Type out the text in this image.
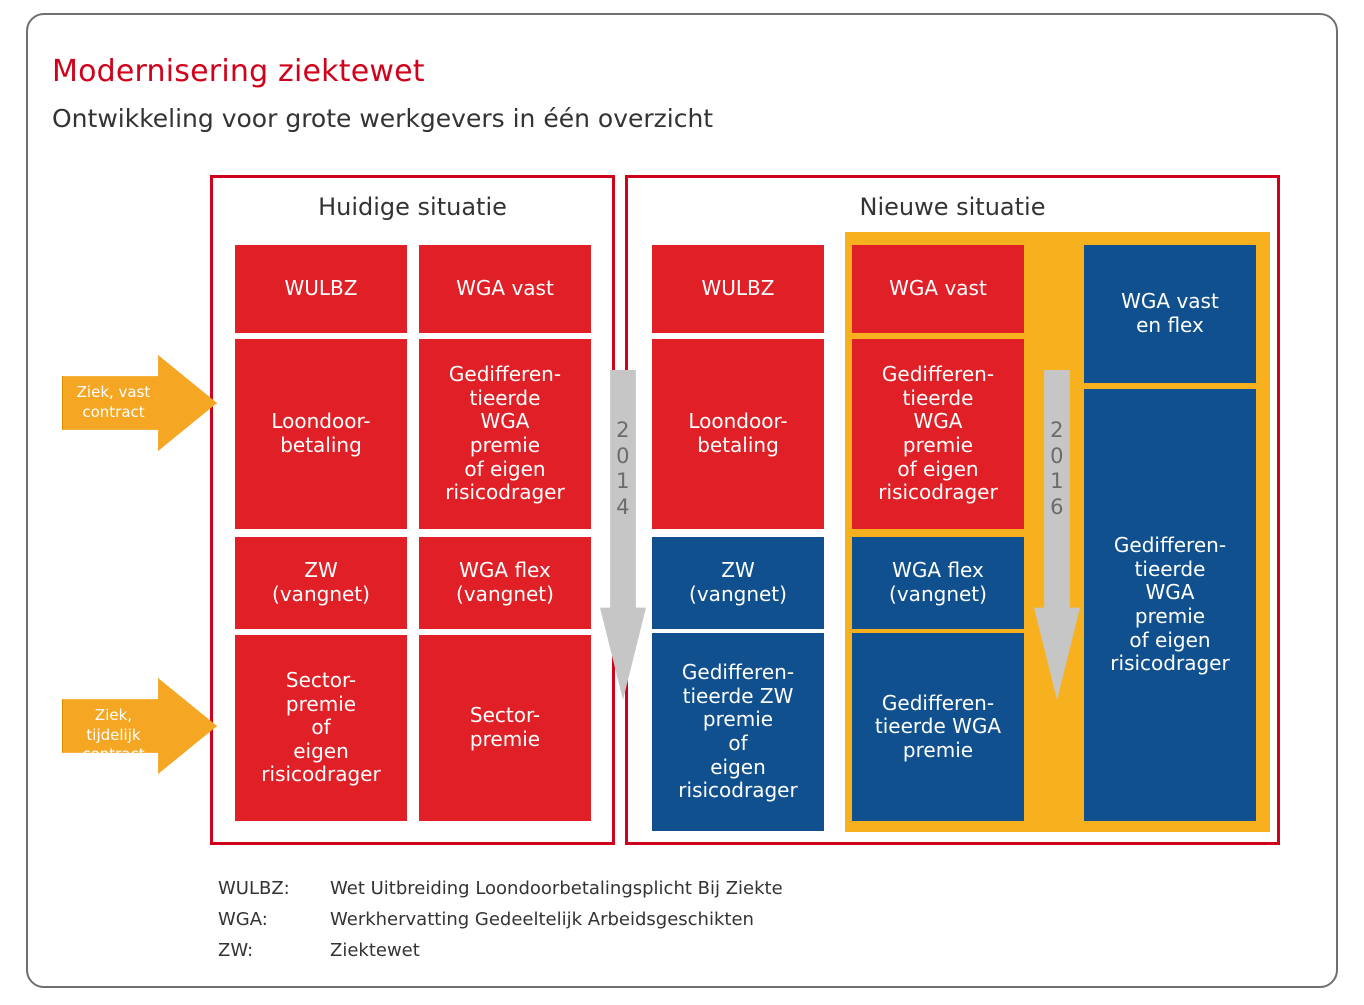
Modernisering ziektewet
Ontwikkeling voor grote werkgevers in één overzicht
Huidige situatie	Nieuwe situatie
WULBZ
Loondoor-
betaling
ZW
(vangnet)
Sector-
premie
of
eigen
risicodrager
WGA vast
Gedifferen-
tieerde
WGA
premie
of eigen
risicodrager
WGA flex
(vangnet)
Sector-
premie
WULBZ
Loondoor-
betaling
ZW
(vangnet)
Gedifferen-
tieerde ZW
premie
of
eigen
risicodrager
WGA vast
Gedifferen-
tieerde
WGA
premie
of eigen
risicodrager
WGA flex
(vangnet)
Gedifferen-
tieerde WGA
premie
WGA vast
en flex
Gedifferen-
tieerde
WGA
premie
of eigen
risicodrager
2
0
1
4
2
0
1
6
Ziek, vast
contract
Ziek, tijdelijk
contract
WULBZ:	Wet Uitbreiding Loondoorbetalingsplicht Bij Ziekte
WGA:	Werkhervatting Gedeeltelijk Arbeidsgeschikten
ZW:	Ziektewet
